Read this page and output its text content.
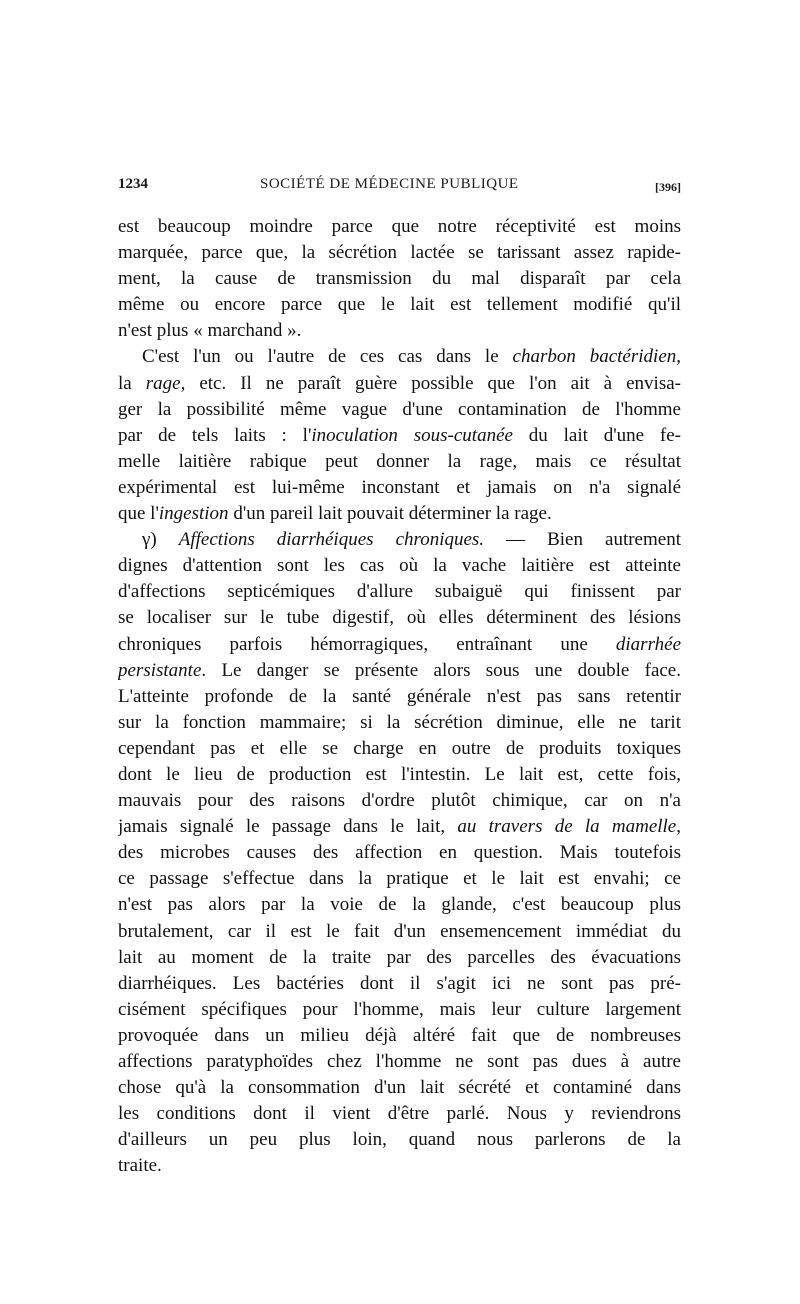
1234	SOCIÉTÉ DE MÉDECINE PUBLIQUE	[396]
est beaucoup moindre parce que notre réceptivité est moins
marquée, parce que, la sécrétion lactée se tarissant assez rapide-
ment, la cause de transmission du mal disparaît par cela
même ou encore parce que le lait est tellement modifié qu'il
n'est plus « marchand ».
C'est l'un ou l'autre de ces cas dans le charbon bactéridien,
la rage, etc. Il ne paraît guère possible que l'on ait à envisa-
ger la possibilité même vague d'une contamination de l'homme
par de tels laits : l'inoculation sous-cutanée du lait d'une fe-
melle laitière rabique peut donner la rage, mais ce résultat
expérimental est lui-même inconstant et jamais on n'a signalé
que l'ingestion d'un pareil lait pouvait déterminer la rage.
γ) Affections diarrhéiques chroniques. — Bien autrement
dignes d'attention sont les cas où la vache laitière est atteinte
d'affections septicémiques d'allure subaiguë qui finissent par
se localiser sur le tube digestif, où elles déterminent des lésions
chroniques parfois hémorragiques, entraînant une diarrhée
persistante. Le danger se présente alors sous une double face.
L'atteinte profonde de la santé générale n'est pas sans retentir
sur la fonction mammaire; si la sécrétion diminue, elle ne tarit
cependant pas et elle se charge en outre de produits toxiques
dont le lieu de production est l'intestin. Le lait est, cette fois,
mauvais pour des raisons d'ordre plutôt chimique, car on n'a
jamais signalé le passage dans le lait, au travers de la mamelle,
des microbes causes des affection en question. Mais toutefois
ce passage s'effectue dans la pratique et le lait est envahi; ce
n'est pas alors par la voie de la glande, c'est beaucoup plus
brutalement, car il est le fait d'un ensemencement immédiat du
lait au moment de la traite par des parcelles des évacuations
diarrhéiques. Les bactéries dont il s'agit ici ne sont pas pré-
cisément spécifiques pour l'homme, mais leur culture largement
provoquée dans un milieu déjà altéré fait que de nombreuses
affections paratyphoïdes chez l'homme ne sont pas dues à autre
chose qu'à la consommation d'un lait sécrété et contaminé dans
les conditions dont il vient d'être parlé. Nous y reviendrons
d'ailleurs un peu plus loin, quand nous parlerons de la
traite.
